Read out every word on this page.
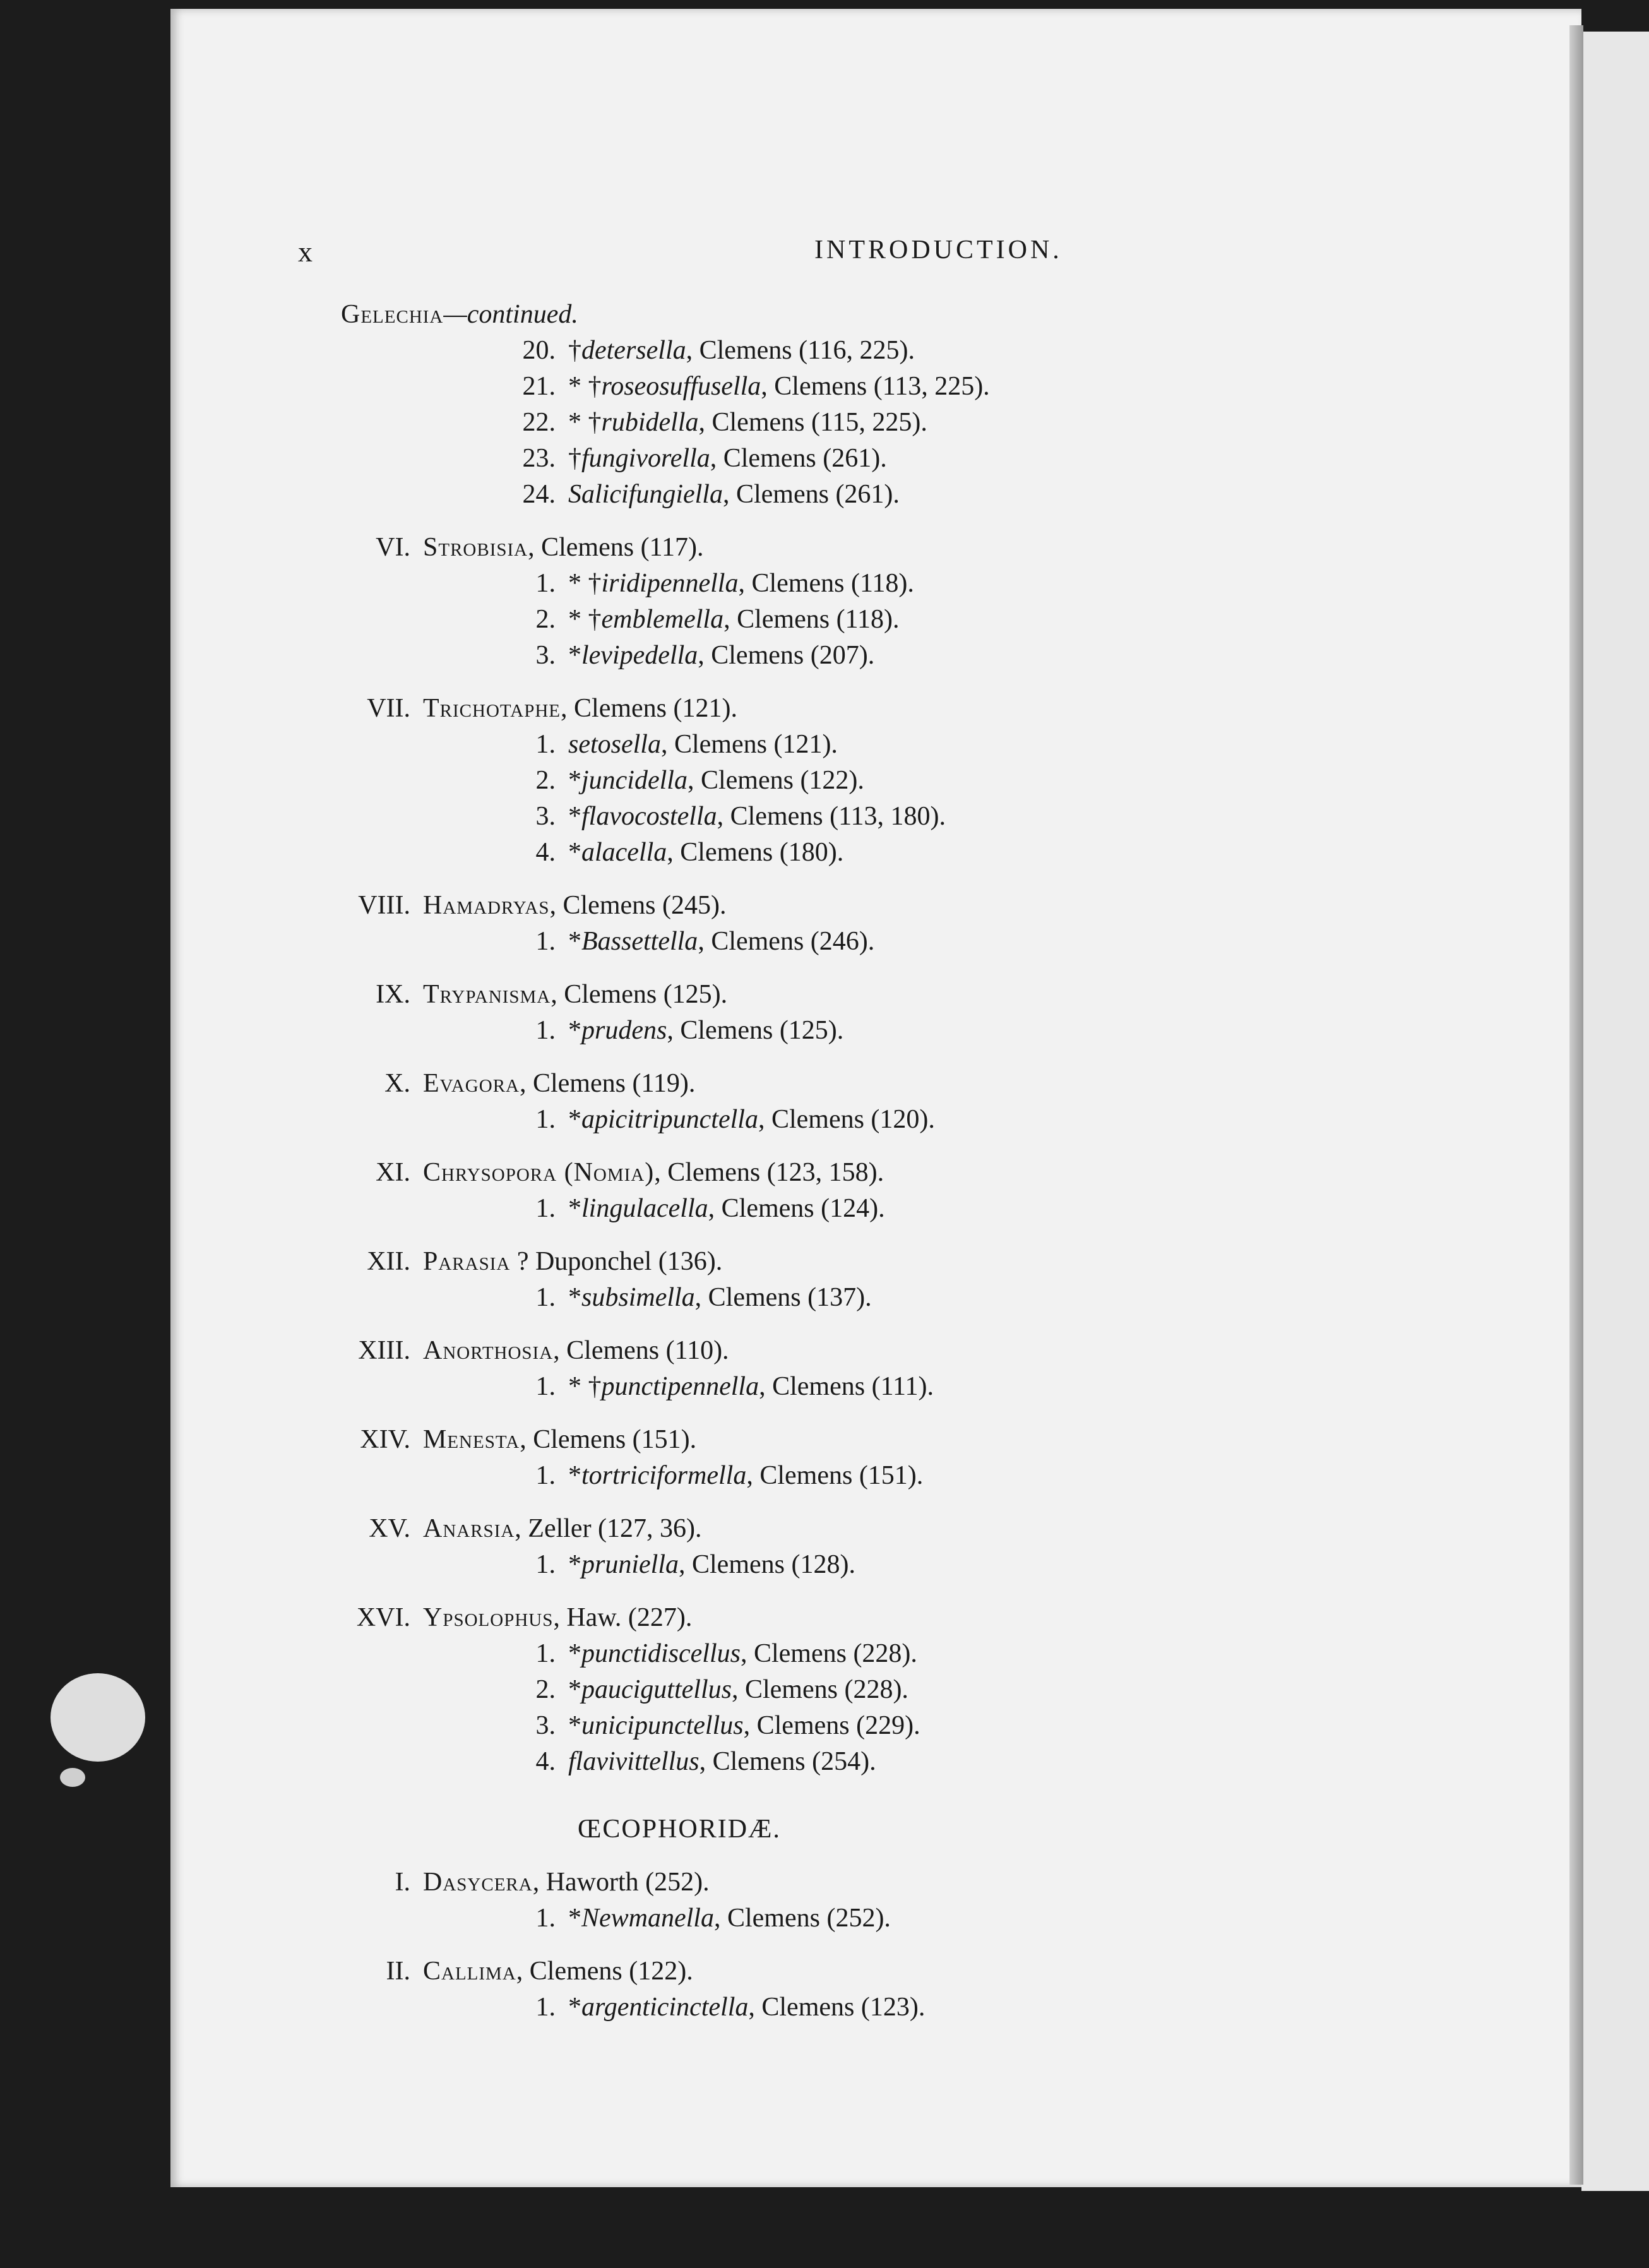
x	INTRODUCTION.
Gelechia—continued.
20. †detersella, Clemens (116, 225).
21. * †roseosuffusella, Clemens (113, 225).
22. * †rubidella, Clemens (115, 225).
23. †fungivorella, Clemens (261).
24. Salicifungiella, Clemens (261).
VI. Strobisia, Clemens (117).
1. * †iridipennella, Clemens (118).
2. * †emblemella, Clemens (118).
3. *levipedella, Clemens (207).
VII. Trichotaphe, Clemens (121).
1. setosella, Clemens (121).
2. *juncidella, Clemens (122).
3. *flavocostella, Clemens (113, 180).
4. *alacella, Clemens (180).
VIII. Hamadryas, Clemens (245).
1. *Bassettella, Clemens (246).
IX. Trypanisma, Clemens (125).
1. *prudens, Clemens (125).
X. Evagora, Clemens (119).
1. *apicitripunctella, Clemens (120).
XI. Chrysopora (Nomia), Clemens (123, 158).
1. *lingulacella, Clemens (124).
XII. Parasia ? Duponchel (136).
1. *subsimella, Clemens (137).
XIII. Anorthosia, Clemens (110).
1. * †punctipennella, Clemens (111).
XIV. Menesta, Clemens (151).
1. *tortriciformella, Clemens (151).
XV. Anarsia, Zeller (127, 36).
1. *pruniella, Clemens (128).
XVI. Ypsolophus, Haw. (227).
1. *punctidiscellus, Clemens (228).
2. *pauciguttellus, Clemens (228).
3. *unicipunctellus, Clemens (229).
4. flavivittellus, Clemens (254).
ŒCOPHORIDÆ.
I. Dasycera, Haworth (252).
1. *Newmanella, Clemens (252).
II. Callima, Clemens (122).
1. *argenticinctella, Clemens (123).
